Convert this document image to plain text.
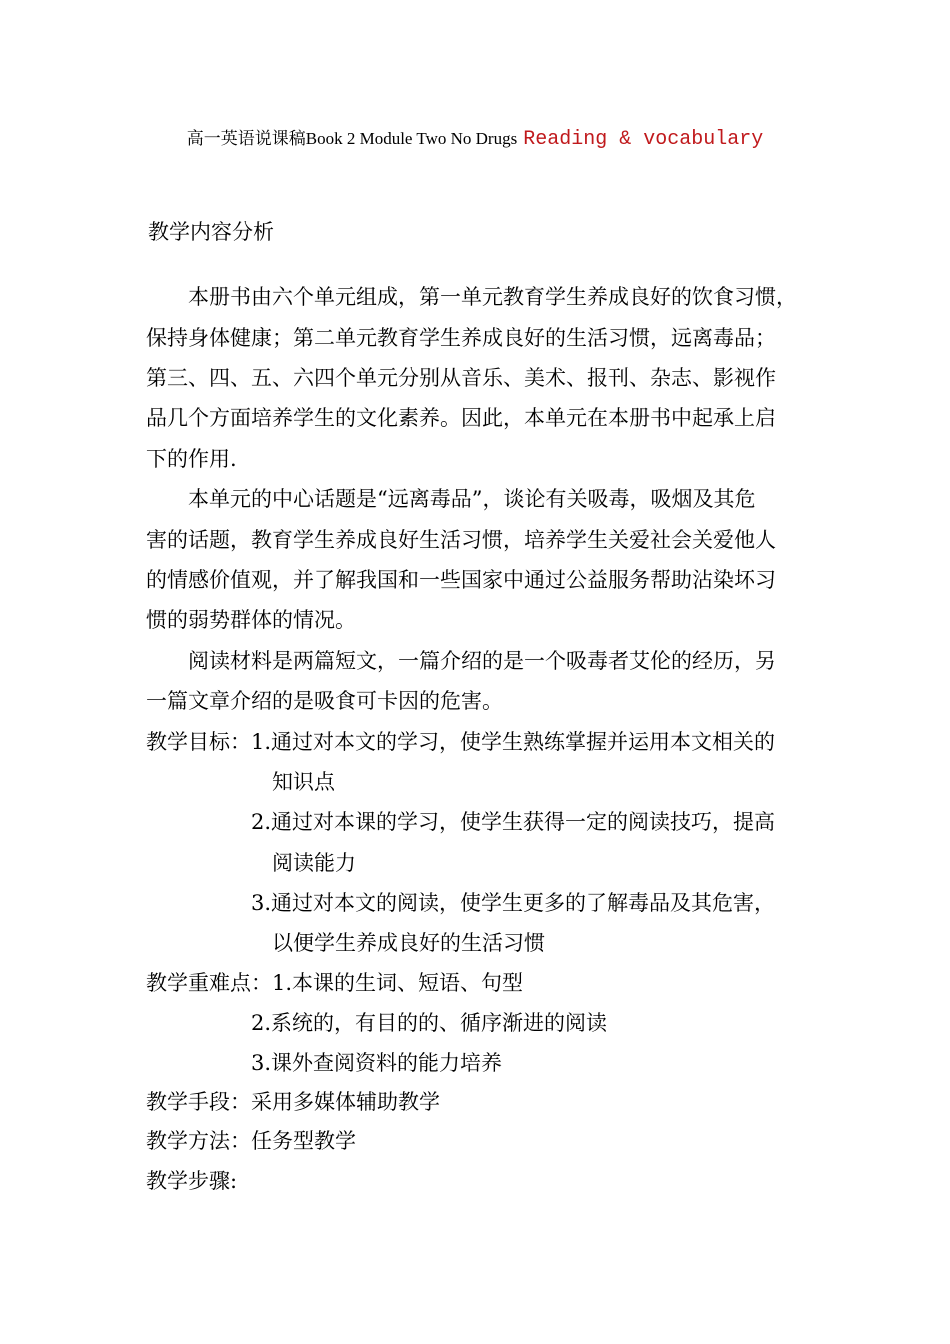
高一英语说课稿Book 2 Module Two No Drugs Reading & vocabulary
教学内容分析
本册书由六个单元组成，第一单元教育学生养成良好的饮食习惯，
保持身体健康；第二单元教育学生养成良好的生活习惯，远离毒品；
第三、四、五、六四个单元分别从音乐、美术、报刊、杂志、影视作
品几个方面培养学生的文化素养。因此，本单元在本册书中起承上启
下的作用.
本单元的中心话题是“远离毒品”，谈论有关吸毒，吸烟及其危
害的话题，教育学生养成良好生活习惯，培养学生关爱社会关爱他人
的情感价值观，并了解我国和一些国家中通过公益服务帮助沾染坏习
惯的弱势群体的情况。
阅读材料是两篇短文，一篇介绍的是一个吸毒者艾伦的经历，另
一篇文章介绍的是吸食可卡因的危害。
教学目标： 1.通过对本文的学习，使学生熟练掌握并运用本文相关的
知识点
2.通过对本课的学习，使学生获得一定的阅读技巧，提高
阅读能力
3.通过对本文的阅读，使学生更多的了解毒品及其危害，
以便学生养成良好的生活习惯
教学重难点： 1.本课的生词、短语、句型
2.系统的，有目的的、循序渐进的阅读
3.课外查阅资料的能力培养
教学手段：采用多媒体辅助教学
教学方法：任务型教学
教学步骤:
